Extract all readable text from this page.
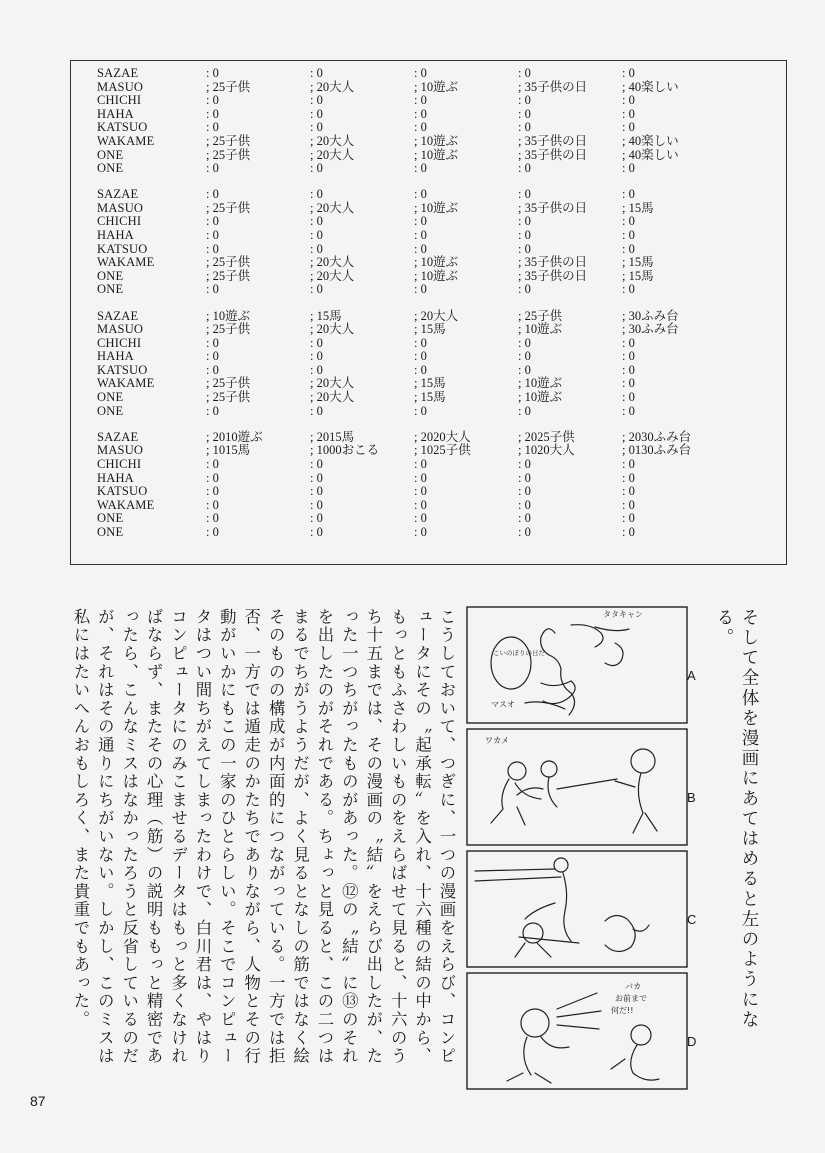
SAZAE	: 0	: 0	: 0	: 0	: 0
MASUO	; 25子供	; 20大人	; 10遊ぶ	; 35子供の日	; 40楽しい
CHICHI	: 0	: 0	: 0	: 0	: 0
HAHA	: 0	: 0	: 0	: 0	: 0
KATSUO	: 0	: 0	: 0	: 0	: 0
WAKAME	; 25子供	; 20大人	; 10遊ぶ	; 35子供の日	; 40楽しい
ONE	; 25子供	; 20大人	; 10遊ぶ	; 35子供の日	; 40楽しい
ONE	: 0	: 0	: 0	: 0	: 0
SAZAE	: 0	: 0	: 0	: 0	: 0
MASUO	; 25子供	; 20大人	; 10遊ぶ	; 35子供の日	; 15馬
CHICHI	: 0	: 0	: 0	: 0	: 0
HAHA	: 0	: 0	: 0	: 0	: 0
KATSUO	: 0	: 0	: 0	: 0	: 0
WAKAME	; 25子供	; 20大人	; 10遊ぶ	; 35子供の日	; 15馬
ONE	; 25子供	; 20大人	; 10遊ぶ	; 35子供の日	; 15馬
ONE	: 0	: 0	: 0	: 0	: 0
SAZAE	; 10遊ぶ	; 15馬	; 20大人	; 25子供	; 30ふみ台
MASUO	; 25子供	; 20大人	; 15馬	; 10遊ぶ	; 30ふみ台
CHICHI	: 0	: 0	: 0	: 0	: 0
HAHA	: 0	: 0	: 0	: 0	: 0
KATSUO	: 0	: 0	: 0	: 0	: 0
WAKAME	; 25子供	; 20大人	; 15馬	; 10遊ぶ	: 0
ONE	; 25子供	; 20大人	; 15馬	; 10遊ぶ	: 0
ONE	: 0	: 0	: 0	: 0	: 0
SAZAE	; 2010遊ぶ	; 2015馬	; 2020大人	; 2025子供	; 2030ふみ台
MASUO	; 1015馬	; 1000おこる	; 1025子供	; 1020大人	; 0130ふみ台
CHICHI	: 0	: 0	: 0	: 0	: 0
HAHA	: 0	: 0	: 0	: 0	: 0
KATSUO	: 0	: 0	: 0	: 0	: 0
WAKAME	: 0	: 0	: 0	: 0	: 0
ONE	: 0	: 0	: 0	: 0	: 0
ONE	: 0	: 0	: 0	: 0	: 0
そして全体を漫画にあてはめると左のようになる。

こうしておいて、つぎに、一つの漫画をえらび、コンピュータにその〝起承転〟を入れ、十六種の結の中から、もっともふさわしいものをえらばせて見ると、十六のうち十五までは、その漫画の〝結〟をえらび出したが、たった一つちがったものがあった。⑫の〝結〟に⑬のそれを出したのがそれである。ちょっと見ると、この二つはまるでちがうようだが、よく見るとなしの筋ではなく絵そのものの構成が内面的につながっている。一方では拒否、一方では遁走のかたちでありながら、人物とその行動がいかにもこの一家のひとらしい。そこでコンピュータはつい間ちがえてしまったわけで、白川君は、やはりコンピュータにのみこませるデータはもっと多くなければならず、またその心理（筋）の説明ももっと精密であったら、こんなミスはなかったろうと反省しているのだが、それはその通りにちがいない。しかし、このミスは私にはたいへんおもしろく、また貴重でもあった。	タタキャン
こいのぼりの日だ
マスオ
ワカメ
バカ
お前まで
何だ!!
A
B
C
D
87
